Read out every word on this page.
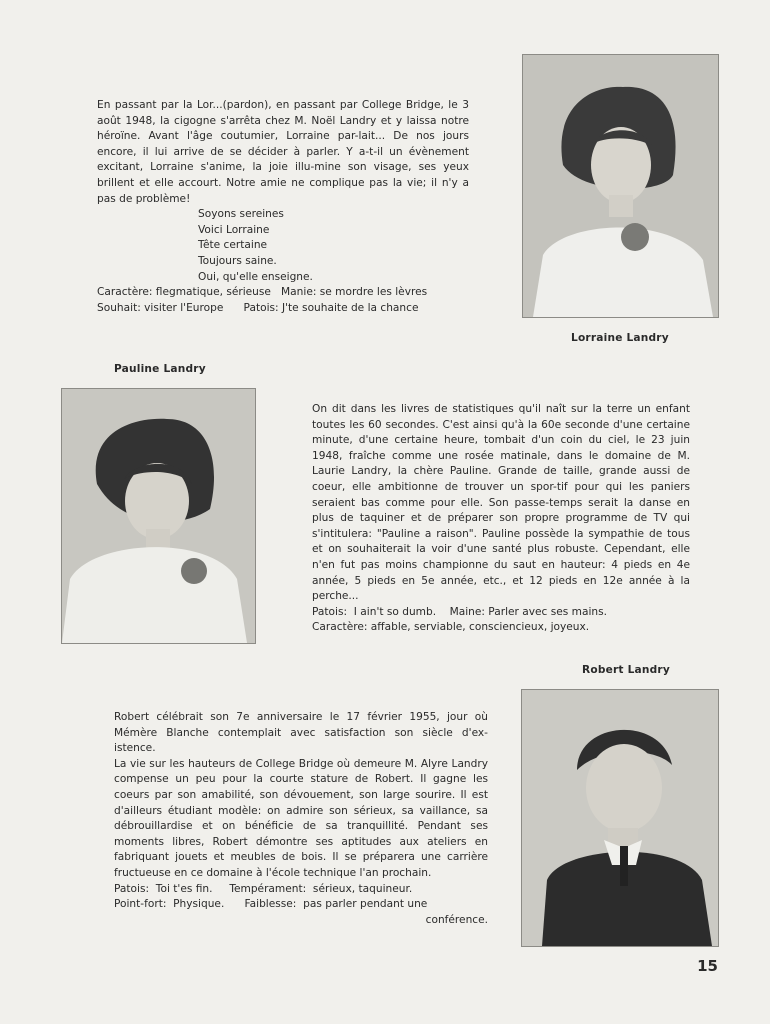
En passant par la Lor...(pardon), en passant par College Bridge, le 3 août 1948, la cigogne s'arrêta chez M. Noël Landry et y laissa notre héroïne. Avant l'âge coutumier, Lorraine par-lait... De nos jours encore, il lui arrive de se décider à parler. Y a-t-il un évènement excitant, Lorraine s'anime, la joie illu-mine son visage, ses yeux brillent et elle accourt. Notre amie ne complique pas la vie; il n'y a pas de problème!

Soyons sereines
Voici Lorraine
Tête certaine
Toujours saine.
Oui, qu'elle enseigne.
Caractère: flegmatique, sérieuse   Manie: se mordre les lèvres
Souhait: visiter l'Europe      Patois: J'te souhaite de la chance
Lorraine Landry
Pauline Landry

On dit dans les livres de statistiques qu'il naît sur la terre un enfant toutes les 60 secondes. C'est ainsi qu'à la 60e seconde d'une certaine minute, d'une certaine heure, tombait d'un coin du ciel, le 23 juin 1948, fraîche comme une rosée matinale, dans le domaine de M. Laurie Landry, la chère Pauline. Grande de taille, grande aussi de coeur, elle ambitionne de trouver un spor-tif pour qui les paniers seraient bas comme pour elle. Son passe-temps serait la danse en plus de taquiner et de préparer son propre programme de TV qui s'intitulera: "Pauline a raison". Pauline possède la sympathie de tous et on souhaiterait la voir d'une santé plus robuste. Cependant, elle n'en fut pas moins championne du saut en hauteur: 4 pieds en 4e année, 5 pieds en 5e année, etc., et 12 pieds en 12e année à la perche...

Patois:  I ain't so dumb.    Maine: Parler avec ses mains.
Caractère: affable, serviable, consciencieux, joyeux.
Robert Landry

Robert célébrait son 7e anniversaire le 17 février 1955, jour où Mémère Blanche contemplait avec satisfaction son siècle d'ex-istence.

La vie sur les hauteurs de College Bridge où demeure M. Alyre Landry compense un peu pour la courte stature de Robert. Il gagne les coeurs par son amabilité, son dévouement, son large sourire. Il est d'ailleurs étudiant modèle: on admire son sérieux, sa vaillance, sa débrouillardise et on bénéficie de sa tranquillité. Pendant ses moments libres, Robert démontre ses aptitudes aux ateliers en fabriquant jouets et meubles de bois. Il se préparera une carrière fructueuse en ce domaine à l'école technique l'an prochain.

Patois:  Toi t'es fin.     Tempérament:  sérieux, taquineur.
Point-fort:  Physique.      Faiblesse:  pas parler pendant une
conférence.
15
